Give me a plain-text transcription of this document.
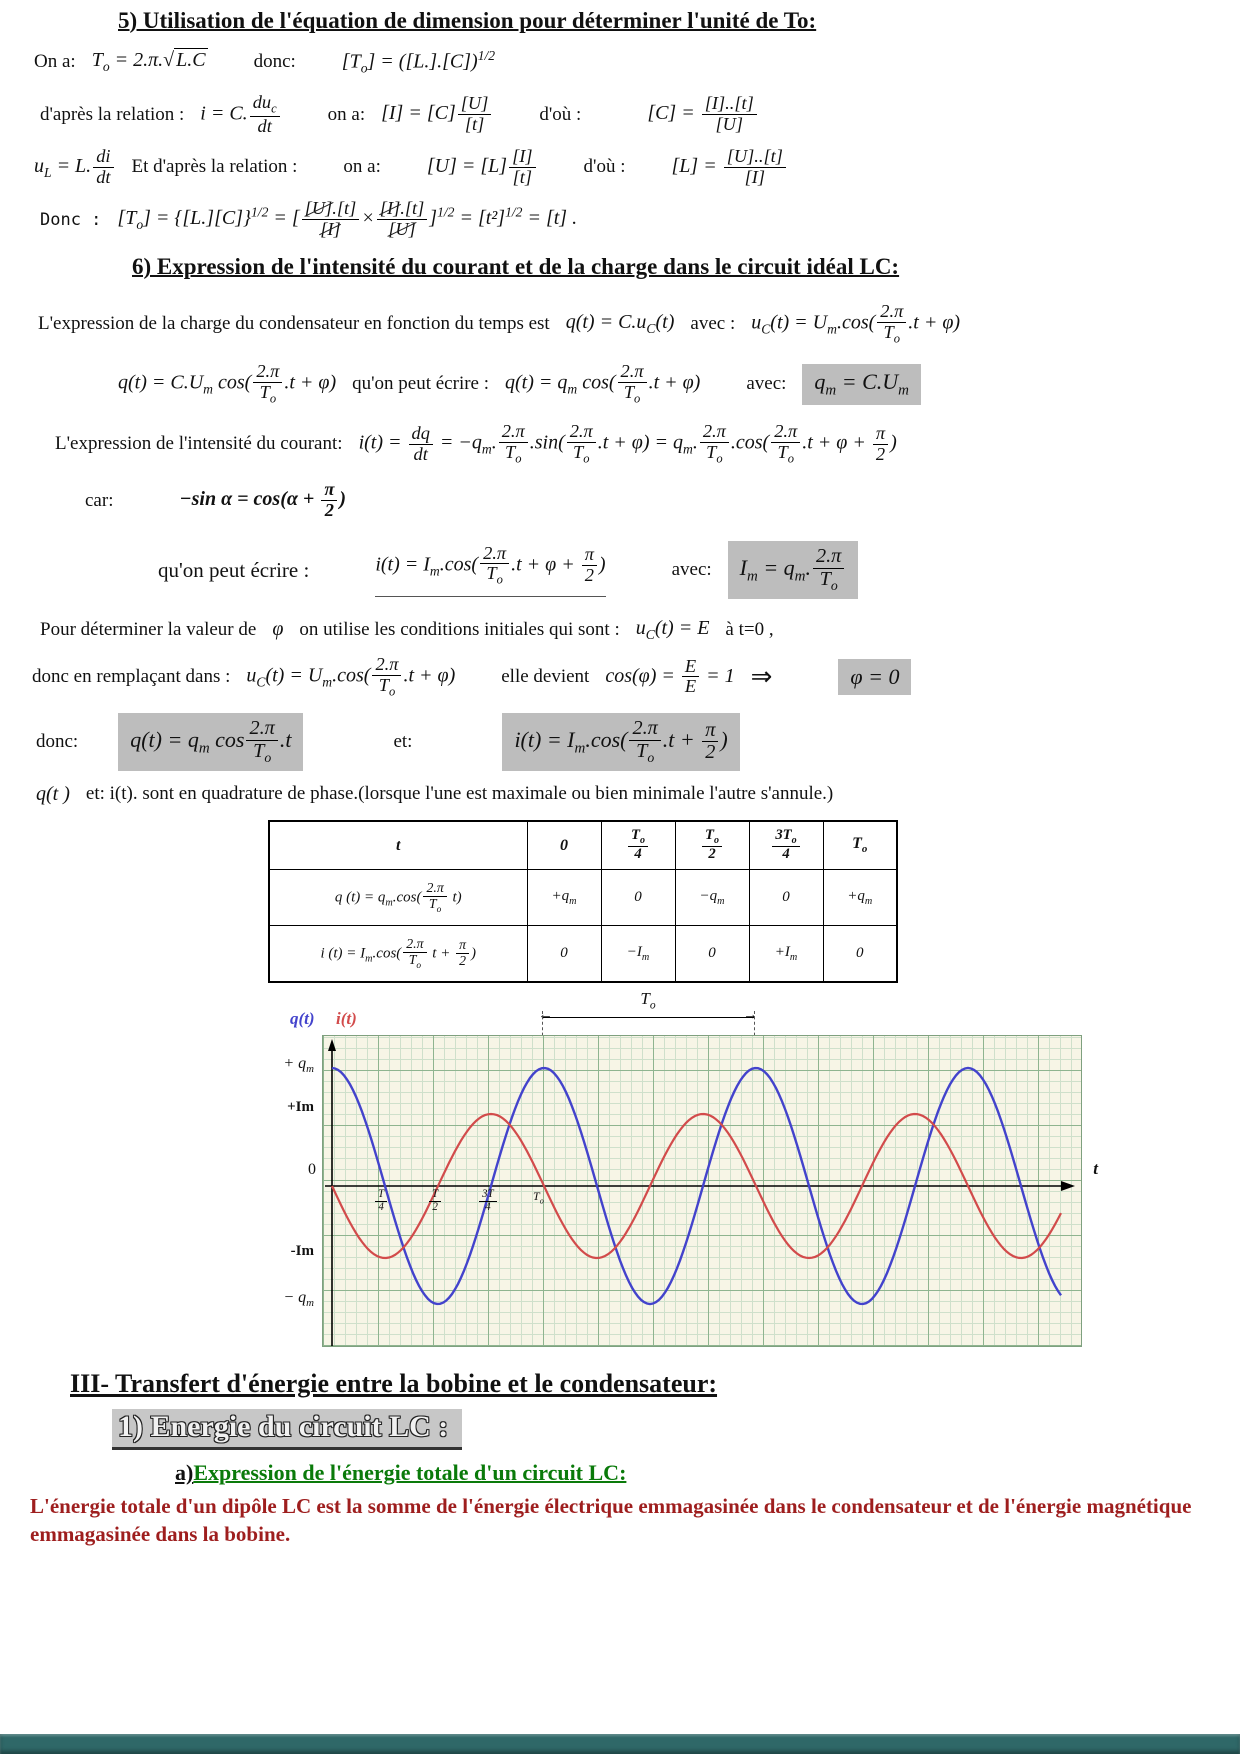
5) Utilisation de l'équation de dimension pour déterminer l'unité de To:
On a: $T_o = 2.\pi.√$ L.C	donc: $[T_o] = ([L.].[C])^{1/2}$
d'après la relation : i = C.
$du_c$
dt
on a: $[I] = [C] \frac{[U]}{[t]}$	d'où :	$[C] = \frac{[I]..[t]}{[U]}$
$u_L = L$. $\frac{di}{dt}$ Et d'après la relation : on a: $[U] = [L] \frac{[I]}{[t]}$	d'où : $[L] = \frac{[U]..[t]}{[I]}$
Donc : $[T_o] = \{[L.][C]\}^{1/2}$ = [ $\frac{[U].[t]}{[I]} \times \frac{[I].[t]}{[U]} ]^{1/2} = [t^2]^{1/2} = [t]$ .
6) Expression de l'intensité du courant et de la charge dans le circuit idéal LC:
L'expression de la charge du condensateur en fonction du temps est $q(t) = C.u_C(t)$ avec : $u_C(t) = U_m.\cos( \frac{2.\pi}{T_o} .t + \varphi)$
$q(t) = C.U_m$ $\cos( \frac{2.\pi}{T_o} .t + \varphi)$ qu'on peut écrire : $q(t) = q_m$ $\cos( \frac{2.\pi}{T_o} .t + \varphi)$ avec:	$q_m = C.U_m$
L'expression de l'intensité du courant: $i(t) = \frac{dq}{dt} = -q_m$. $\frac{2.\pi}{T_o} .\sin( \frac{2.\pi}{T_o} .t + \varphi) = q_m$. $\frac{2.\pi}{T_o} .\cos( \frac{2.\pi}{T_o} .t + \varphi + \frac{\pi}{2}$ )
car:	−sin $\alpha = \cos(\alpha + \frac{\pi}{2}$ )
qu'on peut écrire :	$i(t) = I_m.\cos( \frac{2.\pi}{T_o} .t + \varphi + \frac{\pi}{2}$ )	avec:	$I_m = q_m$. $\frac{2.\pi}{T_o}$
Pour déterminer la valeur de φ on utilise les conditions initiales qui sont : $u_C(t) = E$ à t=0 ,
donc en remplaçant dans : $u_C(t) = U_m.\cos( \frac{2.\pi}{T_o} .t + \varphi)$ elle devient $\cos(\varphi) = \frac{E}{E} = 1$ ⇒	φ = 0
donc:	$q(t) = q_m$ $\cos \frac{2.\pi}{T_o} .t$	et:	$i(t) = I_m.\cos( \frac{2.\pi}{T_o} .t + \frac{\pi}{2}$ )
q(t ) et: i(t). sont en quadrature de phase.(lorsque l'une est maximale ou bien minimale l'autre s'annule.)
t	0	$\frac{T_o}{4}$	$\frac{T_o}{2}$	$\frac{3T_o}{4}$	$T_o$
q $(t) = q_m.\cos( \frac{2.\pi}{T_o} t)$	$+q_m$	0	$-q_m$	0	$+q_m$
i $(t) = I_m.\cos( \frac{2.\pi}{T_o}$ $t + \frac{\pi}{2}$ )	0	$-I_m$	0	$+I_m$	0
q(t) i(t)
$T_o$
← →
+ $q_m$
+Im
0
-Im
− $q_m$
t
$\frac{T}{4}$	$\frac{T}{2}$	$\frac{3T}{4}$	$T_o$
III- Transfert d'énergie entre la bobine et le condensateur:
1) Energie du circuit LC :
a)Expression de l'énergie totale d'un circuit LC:

L'énergie totale d'un dipôle LC est la somme de l'énergie électrique emmagasinée dans le condensateur et de l'énergie magnétique emmagasinée dans la bobine.
